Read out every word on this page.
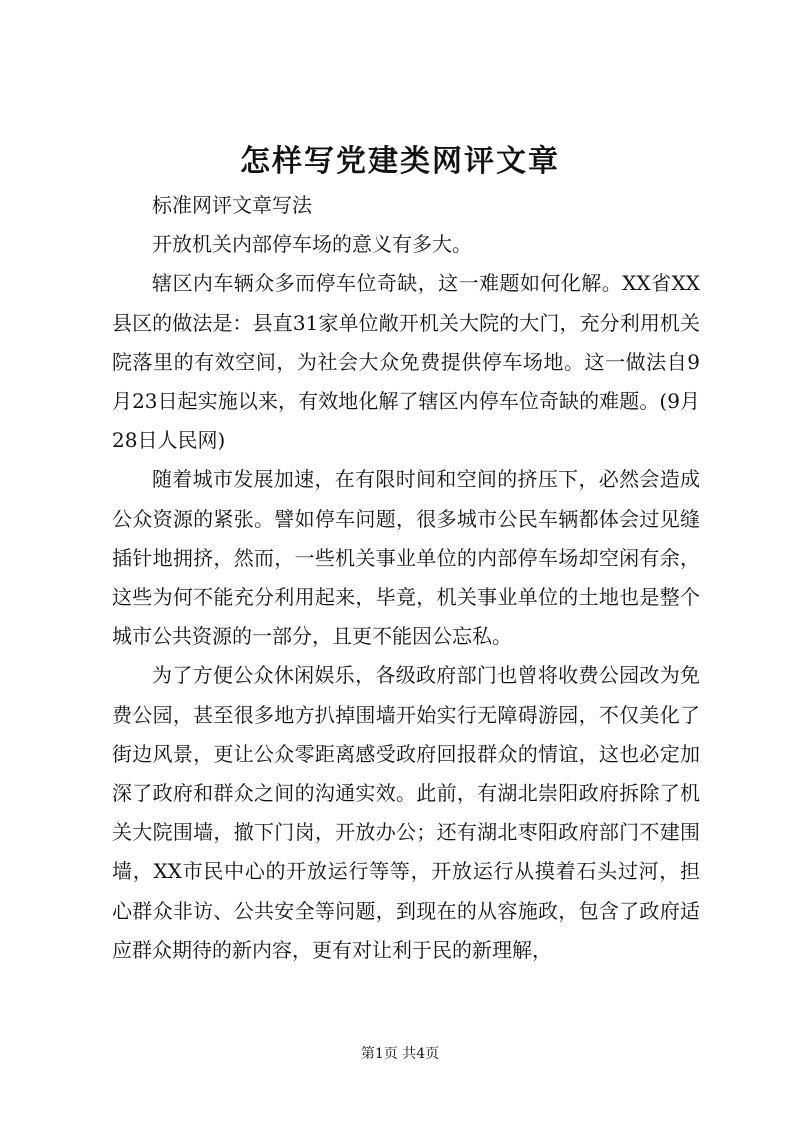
怎样写党建类网评文章

标准网评文章写法

开放机关内部停车场的意义有多大。

辖区内车辆众多而停车位奇缺，这一难题如何化解。XX省XX县区的做法是：县直31家单位敞开机关大院的大门，充分利用机关院落里的有效空间，为社会大众免费提供停车场地。这一做法自9月23日起实施以来，有效地化解了辖区内停车位奇缺的难题。(9月28日人民网)

随着城市发展加速，在有限时间和空间的挤压下，必然会造成公众资源的紧张。譬如停车问题，很多城市公民车辆都体会过见缝插针地拥挤，然而，一些机关事业单位的内部停车场却空闲有余，这些为何不能充分利用起来，毕竟，机关事业单位的土地也是整个城市公共资源的一部分，且更不能因公忘私。

为了方便公众休闲娱乐，各级政府部门也曾将收费公园改为免费公园，甚至很多地方扒掉围墙开始实行无障碍游园，不仅美化了街边风景，更让公众零距离感受政府回报群众的情谊，这也必定加深了政府和群众之间的沟通实效。此前，有湖北崇阳政府拆除了机关大院围墙，撤下门岗，开放办公；还有湖北枣阳政府部门不建围墙，XX市民中心的开放运行等等，开放运行从摸着石头过河，担心群众非访、公共安全等问题，到现在的从容施政，包含了政府适应群众期待的新内容，更有对让利于民的新理解，

第1页 共4页
